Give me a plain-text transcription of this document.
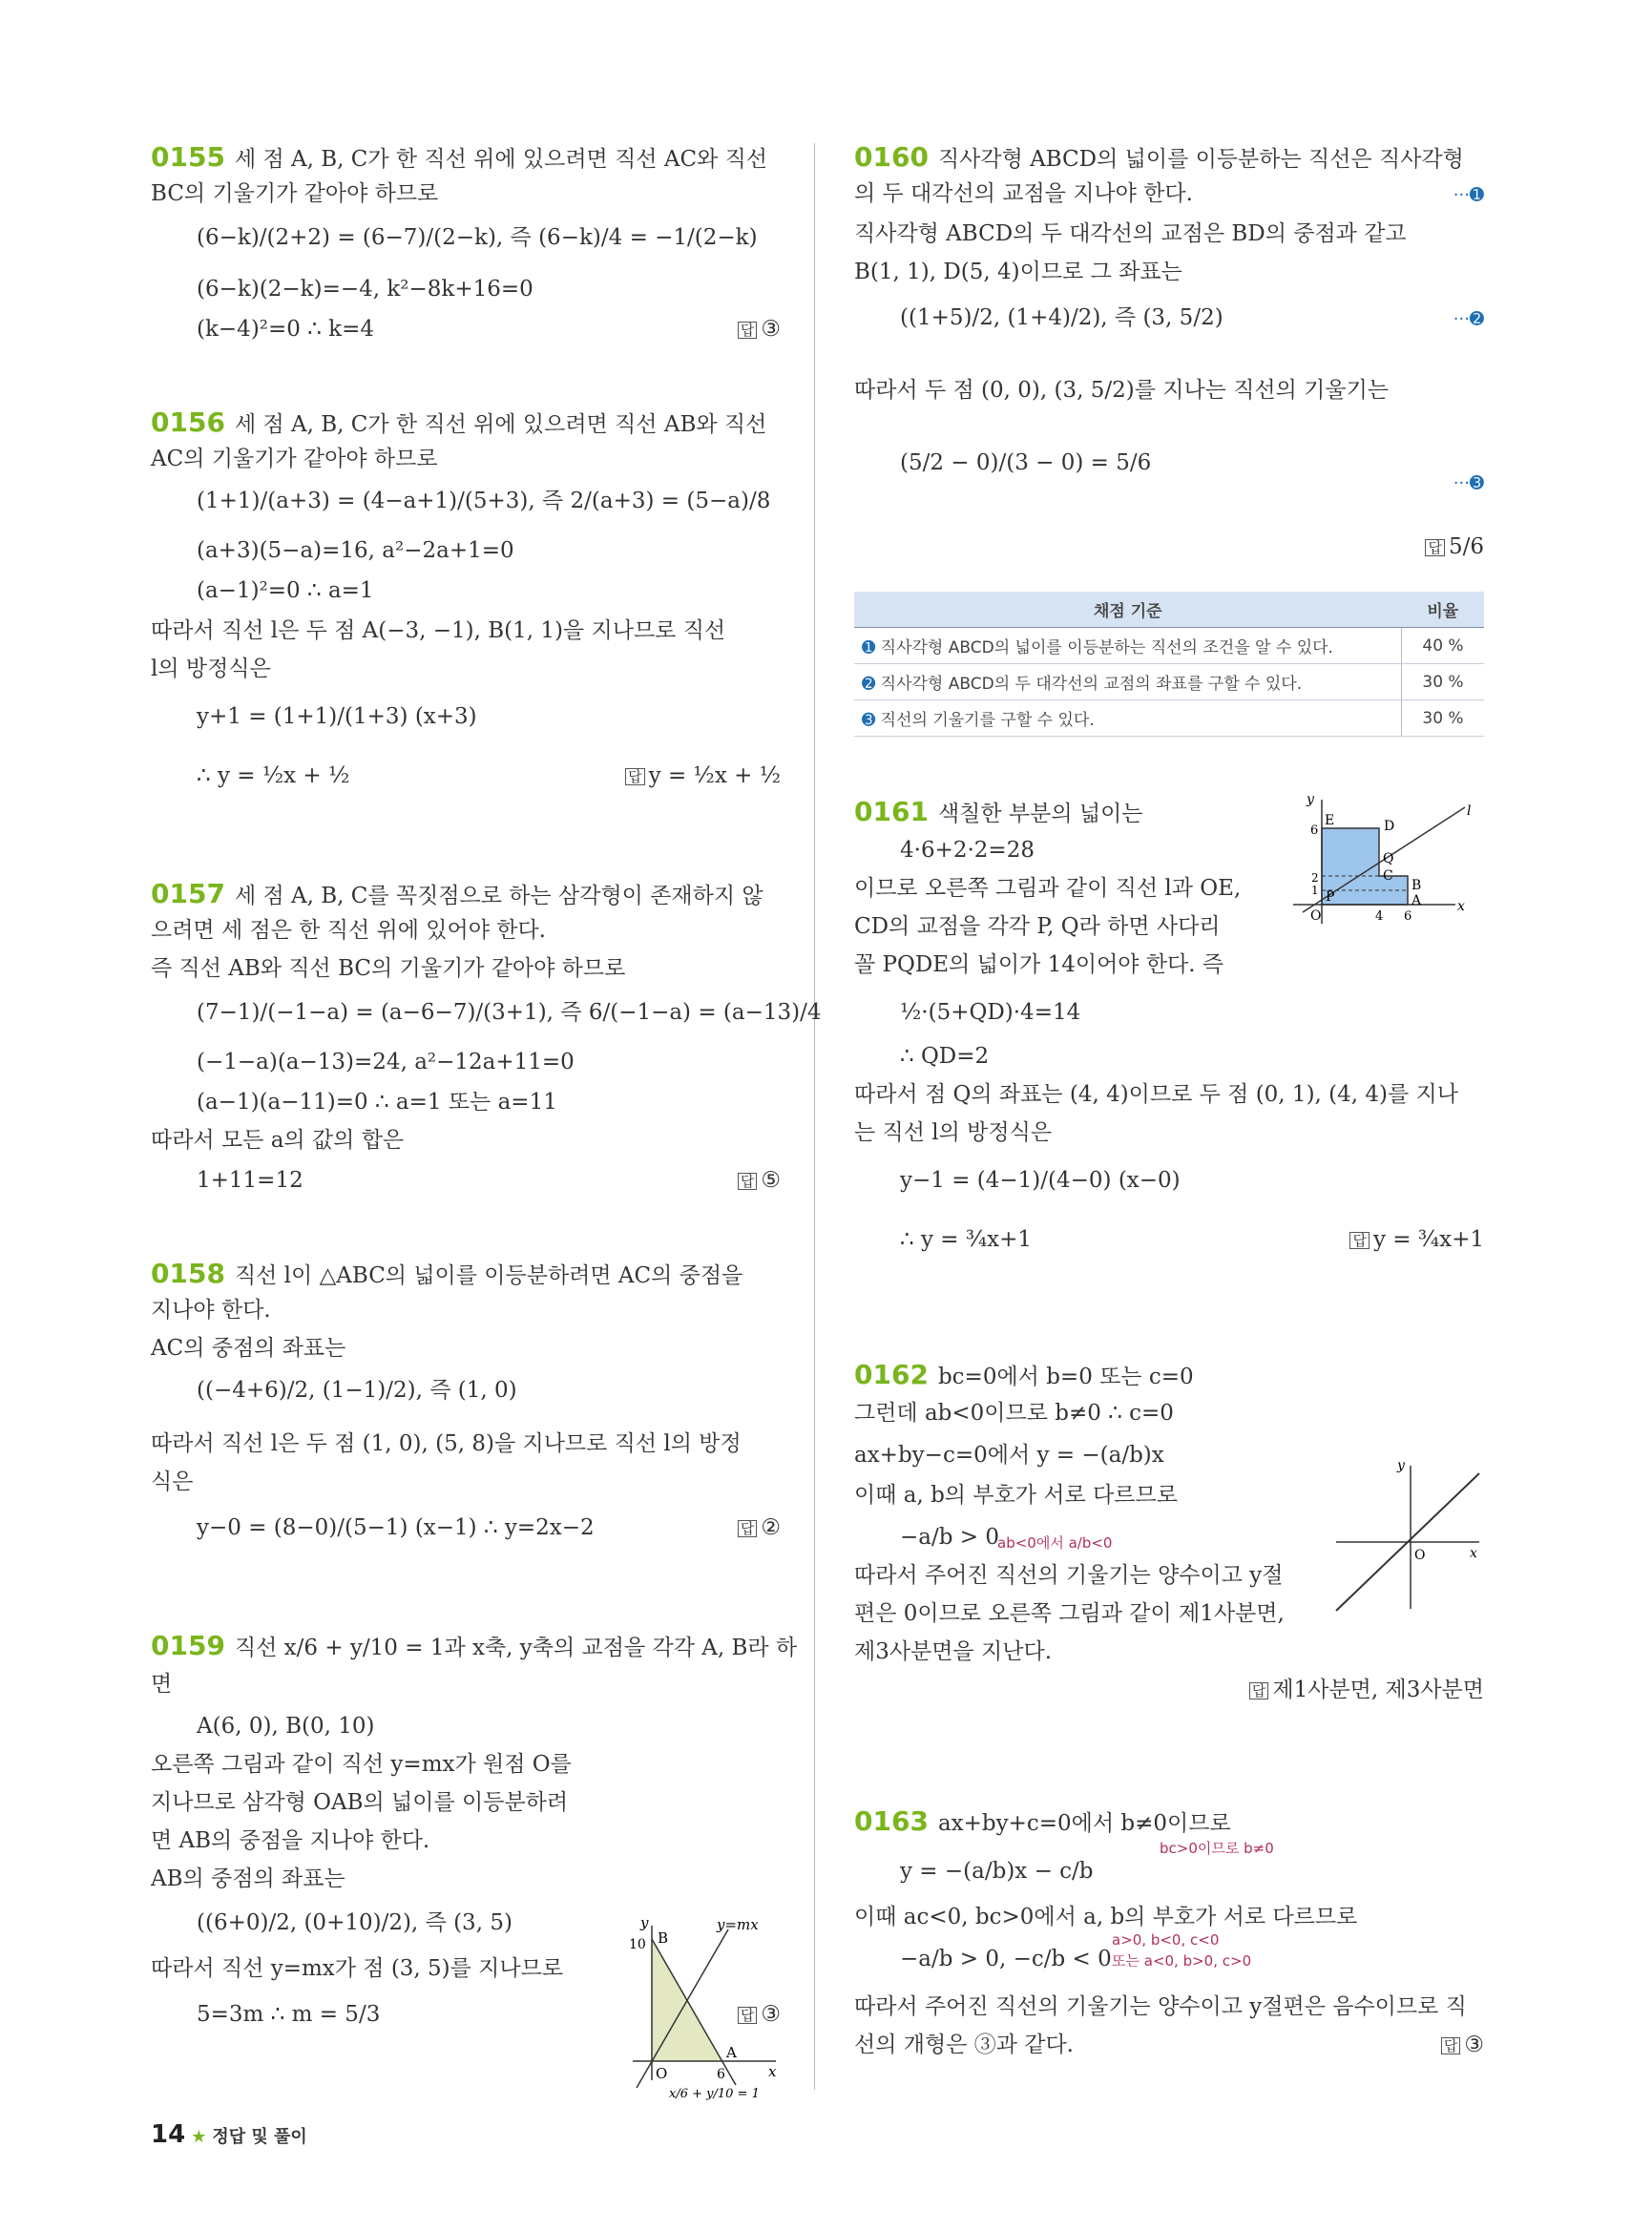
0155 세 점 A, B, C가 한 직선 위에 있으려면 직선 AC와 직선
BC의 기울기가 같아야 하므로
(6−k)/(2+2) = (6−7)/(2−k), 즉 (6−k)/4 = −1/(2−k)
(6−k)(2−k)=−4, k²−8k+16=0
(k−4)²=0 ∴ k=4	답 ③
0156 세 점 A, B, C가 한 직선 위에 있으려면 직선 AB와 직선
AC의 기울기가 같아야 하므로
(1+1)/(a+3) = (4−a+1)/(5+3), 즉 2/(a+3) = (5−a)/8
(a+3)(5−a)=16, a²−2a+1=0
(a−1)²=0 ∴ a=1
따라서 직선 l은 두 점 A(−3, −1), B(1, 1)을 지나므로 직선
l의 방정식은
y+1 = (1+1)/(1+3) (x+3)
∴ y = ½x + ½	답 y = ½x + ½
0157 세 점 A, B, C를 꼭짓점으로 하는 삼각형이 존재하지 않
으려면 세 점은 한 직선 위에 있어야 한다.
즉 직선 AB와 직선 BC의 기울기가 같아야 하므로
(7−1)/(−1−a) = (a−6−7)/(3+1), 즉 6/(−1−a) = (a−13)/4
(−1−a)(a−13)=24, a²−12a+11=0
(a−1)(a−11)=0 ∴ a=1 또는 a=11
따라서 모든 a의 값의 합은
1+11=12	답 ⑤
0158 직선 l이 △ABC의 넓이를 이등분하려면 AC의 중점을
지나야 한다.
AC의 중점의 좌표는
((−4+6)/2, (1−1)/2), 즉 (1, 0)
따라서 직선 l은 두 점 (1, 0), (5, 8)을 지나므로 직선 l의 방정
식은
y−0 = (8−0)/(5−1) (x−1) ∴ y=2x−2	답 ②
0159 직선 x/6 + y/10 = 1과 x축, y축의 교점을 각각 A, B라 하
면
A(6, 0), B(0, 10)
오른쪽 그림과 같이 직선 y=mx가 원점 O를
지나므로 삼각형 OAB의 넓이를 이등분하려
면 AB의 중점을 지나야 한다.
AB의 중점의 좌표는
((6+0)/2, (0+10)/2), 즉 (3, 5)
따라서 직선 y=mx가 점 (3, 5)를 지나므로
5=3m ∴ m = 5/3	답 ③
y
x
y=mx
B
A
O
10
6
x/6 + y/10 = 1
0160 직사각형 ABCD의 넓이를 이등분하는 직선은 직사각형
의 두 대각선의 교점을 지나야 한다.	···➊
직사각형 ABCD의 두 대각선의 교점은 BD의 중점과 같고
B(1, 1), D(5, 4)이므로 그 좌표는
((1+5)/2, (1+4)/2), 즉 (3, 5/2)	···➋
따라서 두 점 (0, 0), (3, 5/2)를 지나는 직선의 기울기는
(5/2 − 0)/(3 − 0) = 5/6
···➌
답 5/6
채점 기준	비율
➊ 직사각형 ABCD의 넓이를 이등분하는 직선의 조건을 알 수 있다.	40 %
➋ 직사각형 ABCD의 두 대각선의 교점의 좌표를 구할 수 있다.	30 %
➌ 직선의 기울기를 구할 수 있다.	30 %
0161 색칠한 부분의 넓이는
4·6+2·2=28
이므로 오른쪽 그림과 같이 직선 l과 OE,
CD의 교점을 각각 P, Q라 하면 사다리
꼴 PQDE의 넓이가 14이어야 한다. 즉
½·(5+QD)·4=14
∴ QD=2
따라서 점 Q의 좌표는 (4, 4)이므로 두 점 (0, 1), (4, 4)를 지나
는 직선 l의 방정식은
y−1 = (4−1)/(4−0) (x−0)
∴ y = ¾x+1	답 y = ¾x+1
y
x
l
E	D
Q
C
B
A
P
O
6
2
1
4 6
0162 bc=0에서 b=0 또는 c=0
그런데 ab<0이므로 b≠0 ∴ c=0
ax+by−c=0에서 y = −(a/b)x
이때 a, b의 부호가 서로 다르므로
−a/b > 0
ab<0에서 a/b<0
따라서 주어진 직선의 기울기는 양수이고 y절
편은 0이므로 오른쪽 그림과 같이 제1사분면,
제3사분면을 지난다.
답 제1사분면, 제3사분면
y
x
O
0163 ax+by+c=0에서 b≠0이므로
bc>0이므로 b≠0
y = −(a/b)x − c/b
이때 ac<0, bc>0에서 a, b의 부호가 서로 다르므로
a>0, b<0, c<0
−a/b > 0, −c/b < 0 또는 a<0, b>0, c>0
따라서 주어진 직선의 기울기는 양수이고 y절편은 음수이므로 직
선의 개형은 ③과 같다.	답 ③
14 ★ 정답 및 풀이
